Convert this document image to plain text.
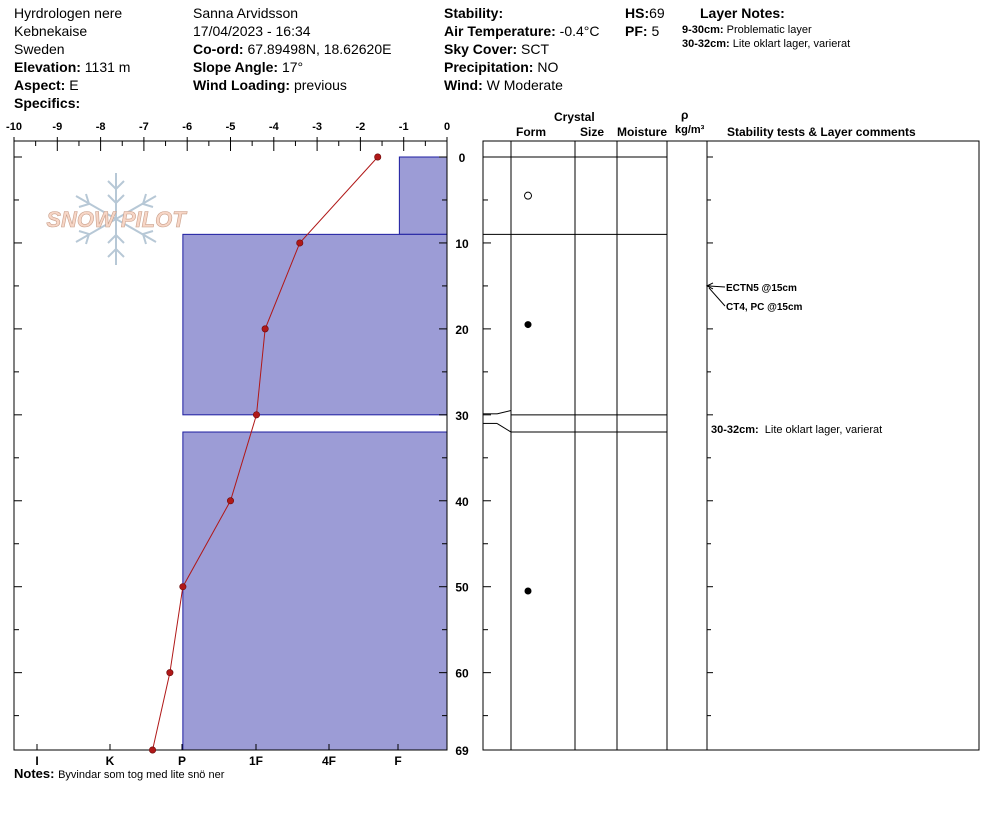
Hyrdrologen nere
Kebnekaise
Sweden
Elevation: 1131 m
Aspect: E
Specifics:
Sanna Arvidsson
17/04/2023 - 16:34
Co-ord: 67.89498N, 18.62620E
Slope Angle: 17°
Wind Loading: previous
Stability:
Air Temperature: -0.4°C
Sky Cover: SCT
Precipitation: NO
Wind: W Moderate
HS:69
PF: 5
Layer Notes:
9-30cm: Problematic layer
30-32cm: Lite oklart lager, varierat
Crystal
Form	Size Moisture
ρ
kg/m³ Stability tests & Layer comments
Notes: Byvindar som tog med lite snö ner
SNOW PILOT
-10	-9	-8	-7	-6	-5	-4	-3	-2	-1	0
0
10
20
30
40
50
60
69
I	K	P	1F	4F	F
ECTN5 @15cm
CT4, PC @15cm
30-32cm: Lite oklart lager, varierat
